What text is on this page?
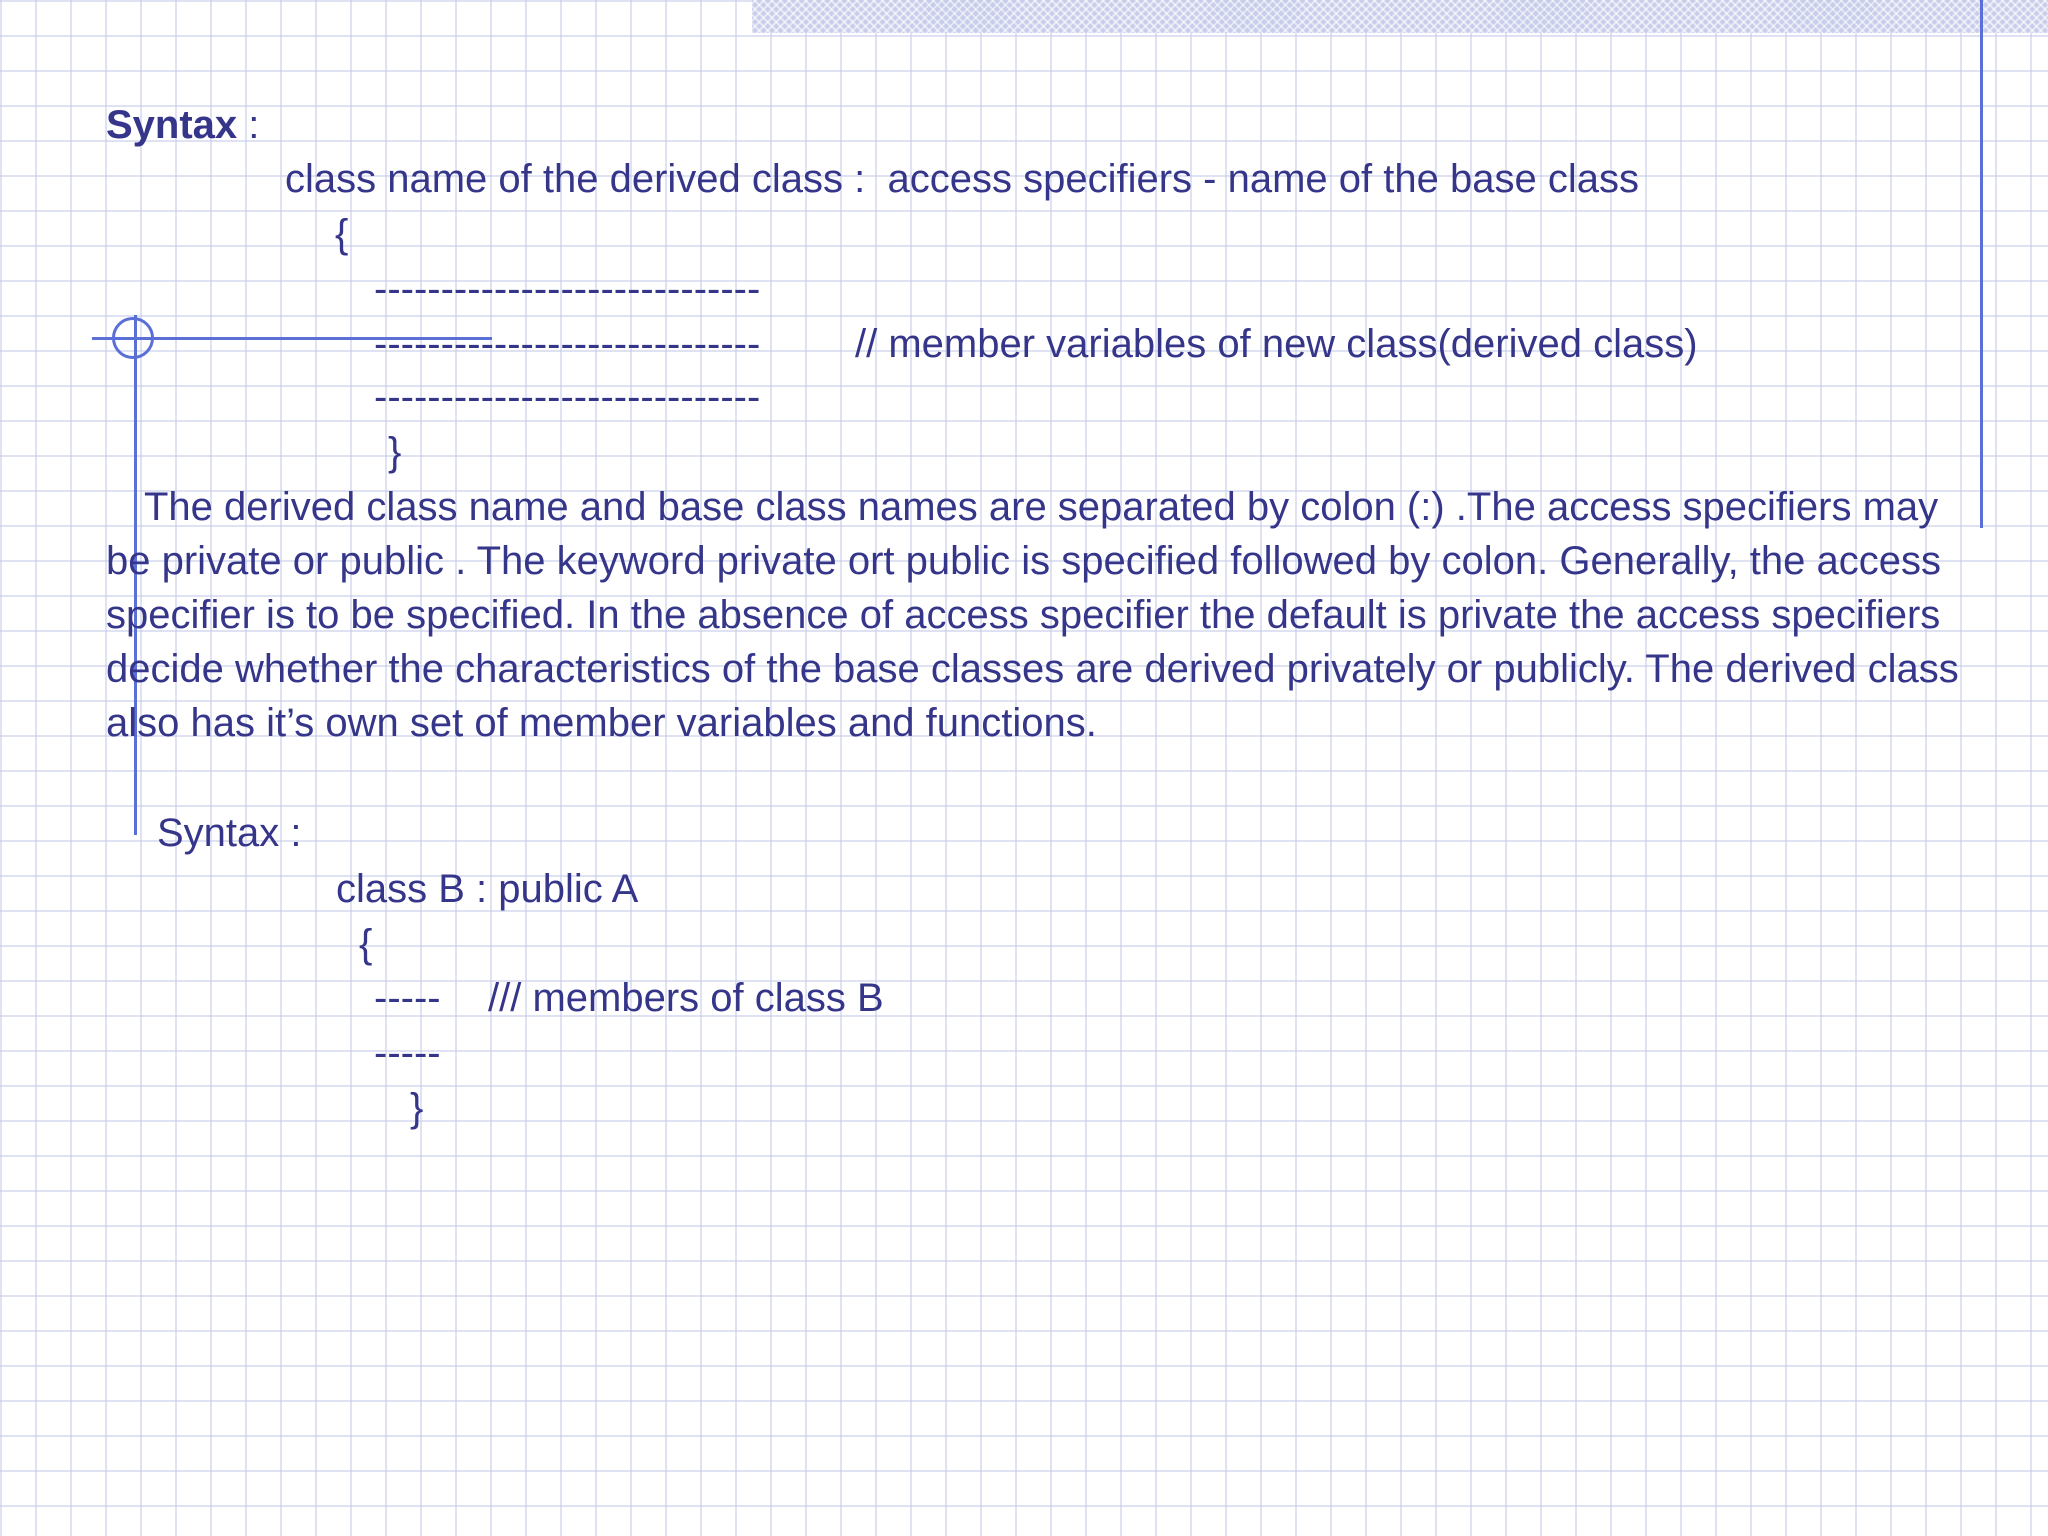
Syntax :

class name of the derived class :  access specifiers - name of the base class

{

-----------------------------

----------------------------- // member variables of new class(derived class)

-----------------------------

}

The derived class name and base class names are separated by colon (:) .The access specifiers may be private or public . The keyword private ort public is specified followed by colon. Generally, the access specifier is to be specified. In the absence of access specifier the default is private the access specifiers decide whether the characteristics of the base classes are derived privately or publicly. The derived class also has it’s own set of member variables and functions.

Syntax :

class B : public A

{

----- /// members of class B

-----

}
